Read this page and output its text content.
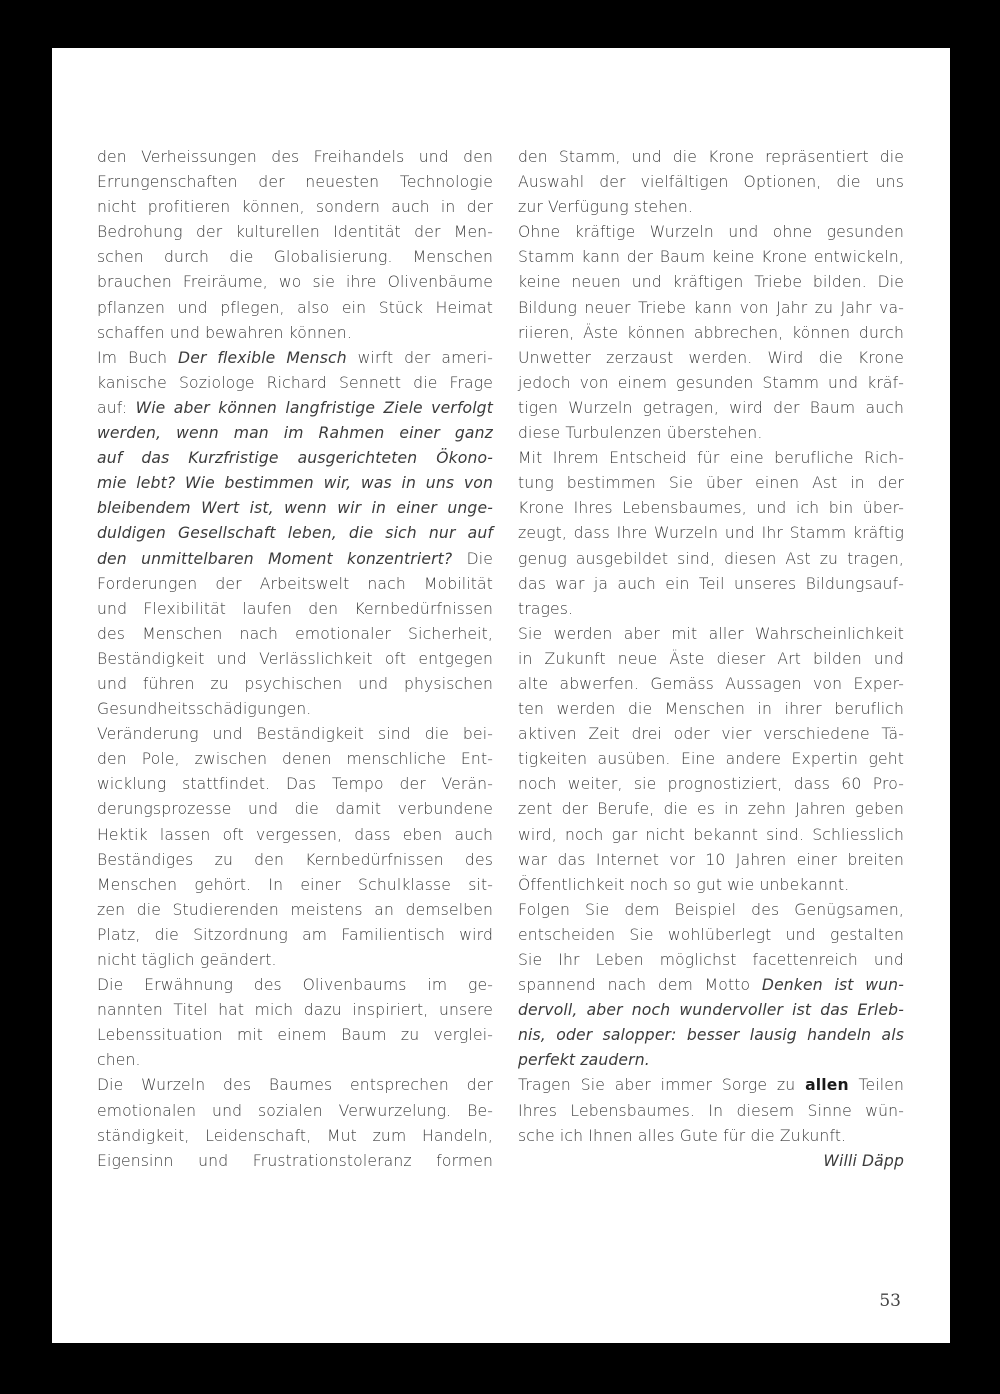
den Verheissungen des Freihandels und den
Errungenschaften der neuesten Technologie
nicht profitieren können, sondern auch in der
Bedrohung der kulturellen Identität der Men-
schen durch die Globalisierung. Menschen
brauchen Freiräume, wo sie ihre Olivenbäume
pflanzen und pflegen, also ein Stück Heimat
schaffen und bewahren können.
Im Buch Der flexible Mensch wirft der ameri-
kanische Soziologe Richard Sennett die Frage
auf: Wie aber können langfristige Ziele verfolgt
werden, wenn man im Rahmen einer ganz
auf das Kurzfristige ausgerichteten Ökono-
mie lebt? Wie bestimmen wir, was in uns von
bleibendem Wert ist, wenn wir in einer unge-
duldigen Gesellschaft leben, die sich nur auf
den unmittelbaren Moment konzentriert? Die
Forderungen der Arbeitswelt nach Mobilität
und Flexibilität laufen den Kernbedürfnissen
des Menschen nach emotionaler Sicherheit,
Beständigkeit und Verlässlichkeit oft entgegen
und führen zu psychischen und physischen
Gesundheitsschädigungen.
Veränderung und Beständigkeit sind die bei-
den Pole, zwischen denen menschliche Ent-
wicklung stattfindet. Das Tempo der Verän-
derungsprozesse und die damit verbundene
Hektik lassen oft vergessen, dass eben auch
Beständiges zu den Kernbedürfnissen des
Menschen gehört. In einer Schulklasse sit-
zen die Studierenden meistens an demselben
Platz, die Sitzordnung am Familientisch wird
nicht täglich geändert.
Die Erwähnung des Olivenbaums im ge-
nannten Titel hat mich dazu inspiriert, unsere
Lebenssituation mit einem Baum zu verglei-
chen.
Die Wurzeln des Baumes entsprechen der
emotionalen und sozialen Verwurzelung. Be-
ständigkeit, Leidenschaft, Mut zum Handeln,
Eigensinn und Frustrationstoleranz formen
den Stamm, und die Krone repräsentiert die
Auswahl der vielfältigen Optionen, die uns
zur Verfügung stehen.
Ohne kräftige Wurzeln und ohne gesunden
Stamm kann der Baum keine Krone entwickeln,
keine neuen und kräftigen Triebe bilden. Die
Bildung neuer Triebe kann von Jahr zu Jahr va-
riieren, Äste können abbrechen, können durch
Unwetter zerzaust werden. Wird die Krone
jedoch von einem gesunden Stamm und kräf-
tigen Wurzeln getragen, wird der Baum auch
diese Turbulenzen überstehen.
Mit Ihrem Entscheid für eine berufliche Rich-
tung bestimmen Sie über einen Ast in der
Krone Ihres Lebensbaumes, und ich bin über-
zeugt, dass Ihre Wurzeln und Ihr Stamm kräftig
genug ausgebildet sind, diesen Ast zu tragen,
das war ja auch ein Teil unseres Bildungsauf-
trages.
Sie werden aber mit aller Wahrscheinlichkeit
in Zukunft neue Äste dieser Art bilden und
alte abwerfen. Gemäss Aussagen von Exper-
ten werden die Menschen in ihrer beruflich
aktiven Zeit drei oder vier verschiedene Tä-
tigkeiten ausüben. Eine andere Expertin geht
noch weiter, sie prognostiziert, dass 60 Pro-
zent der Berufe, die es in zehn Jahren geben
wird, noch gar nicht bekannt sind. Schliesslich
war das Internet vor 10 Jahren einer breiten
Öffentlichkeit noch so gut wie unbekannt.
Folgen Sie dem Beispiel des Genügsamen,
entscheiden Sie wohlüberlegt und gestalten
Sie Ihr Leben möglichst facettenreich und
spannend nach dem Motto Denken ist wun-
dervoll, aber noch wundervoller ist das Erleb-
nis, oder salopper: besser lausig handeln als
perfekt zaudern.
Tragen Sie aber immer Sorge zu allen Teilen
Ihres Lebensbaumes. In diesem Sinne wün-
sche ich Ihnen alles Gute für die Zukunft.
Willi Däpp
53
